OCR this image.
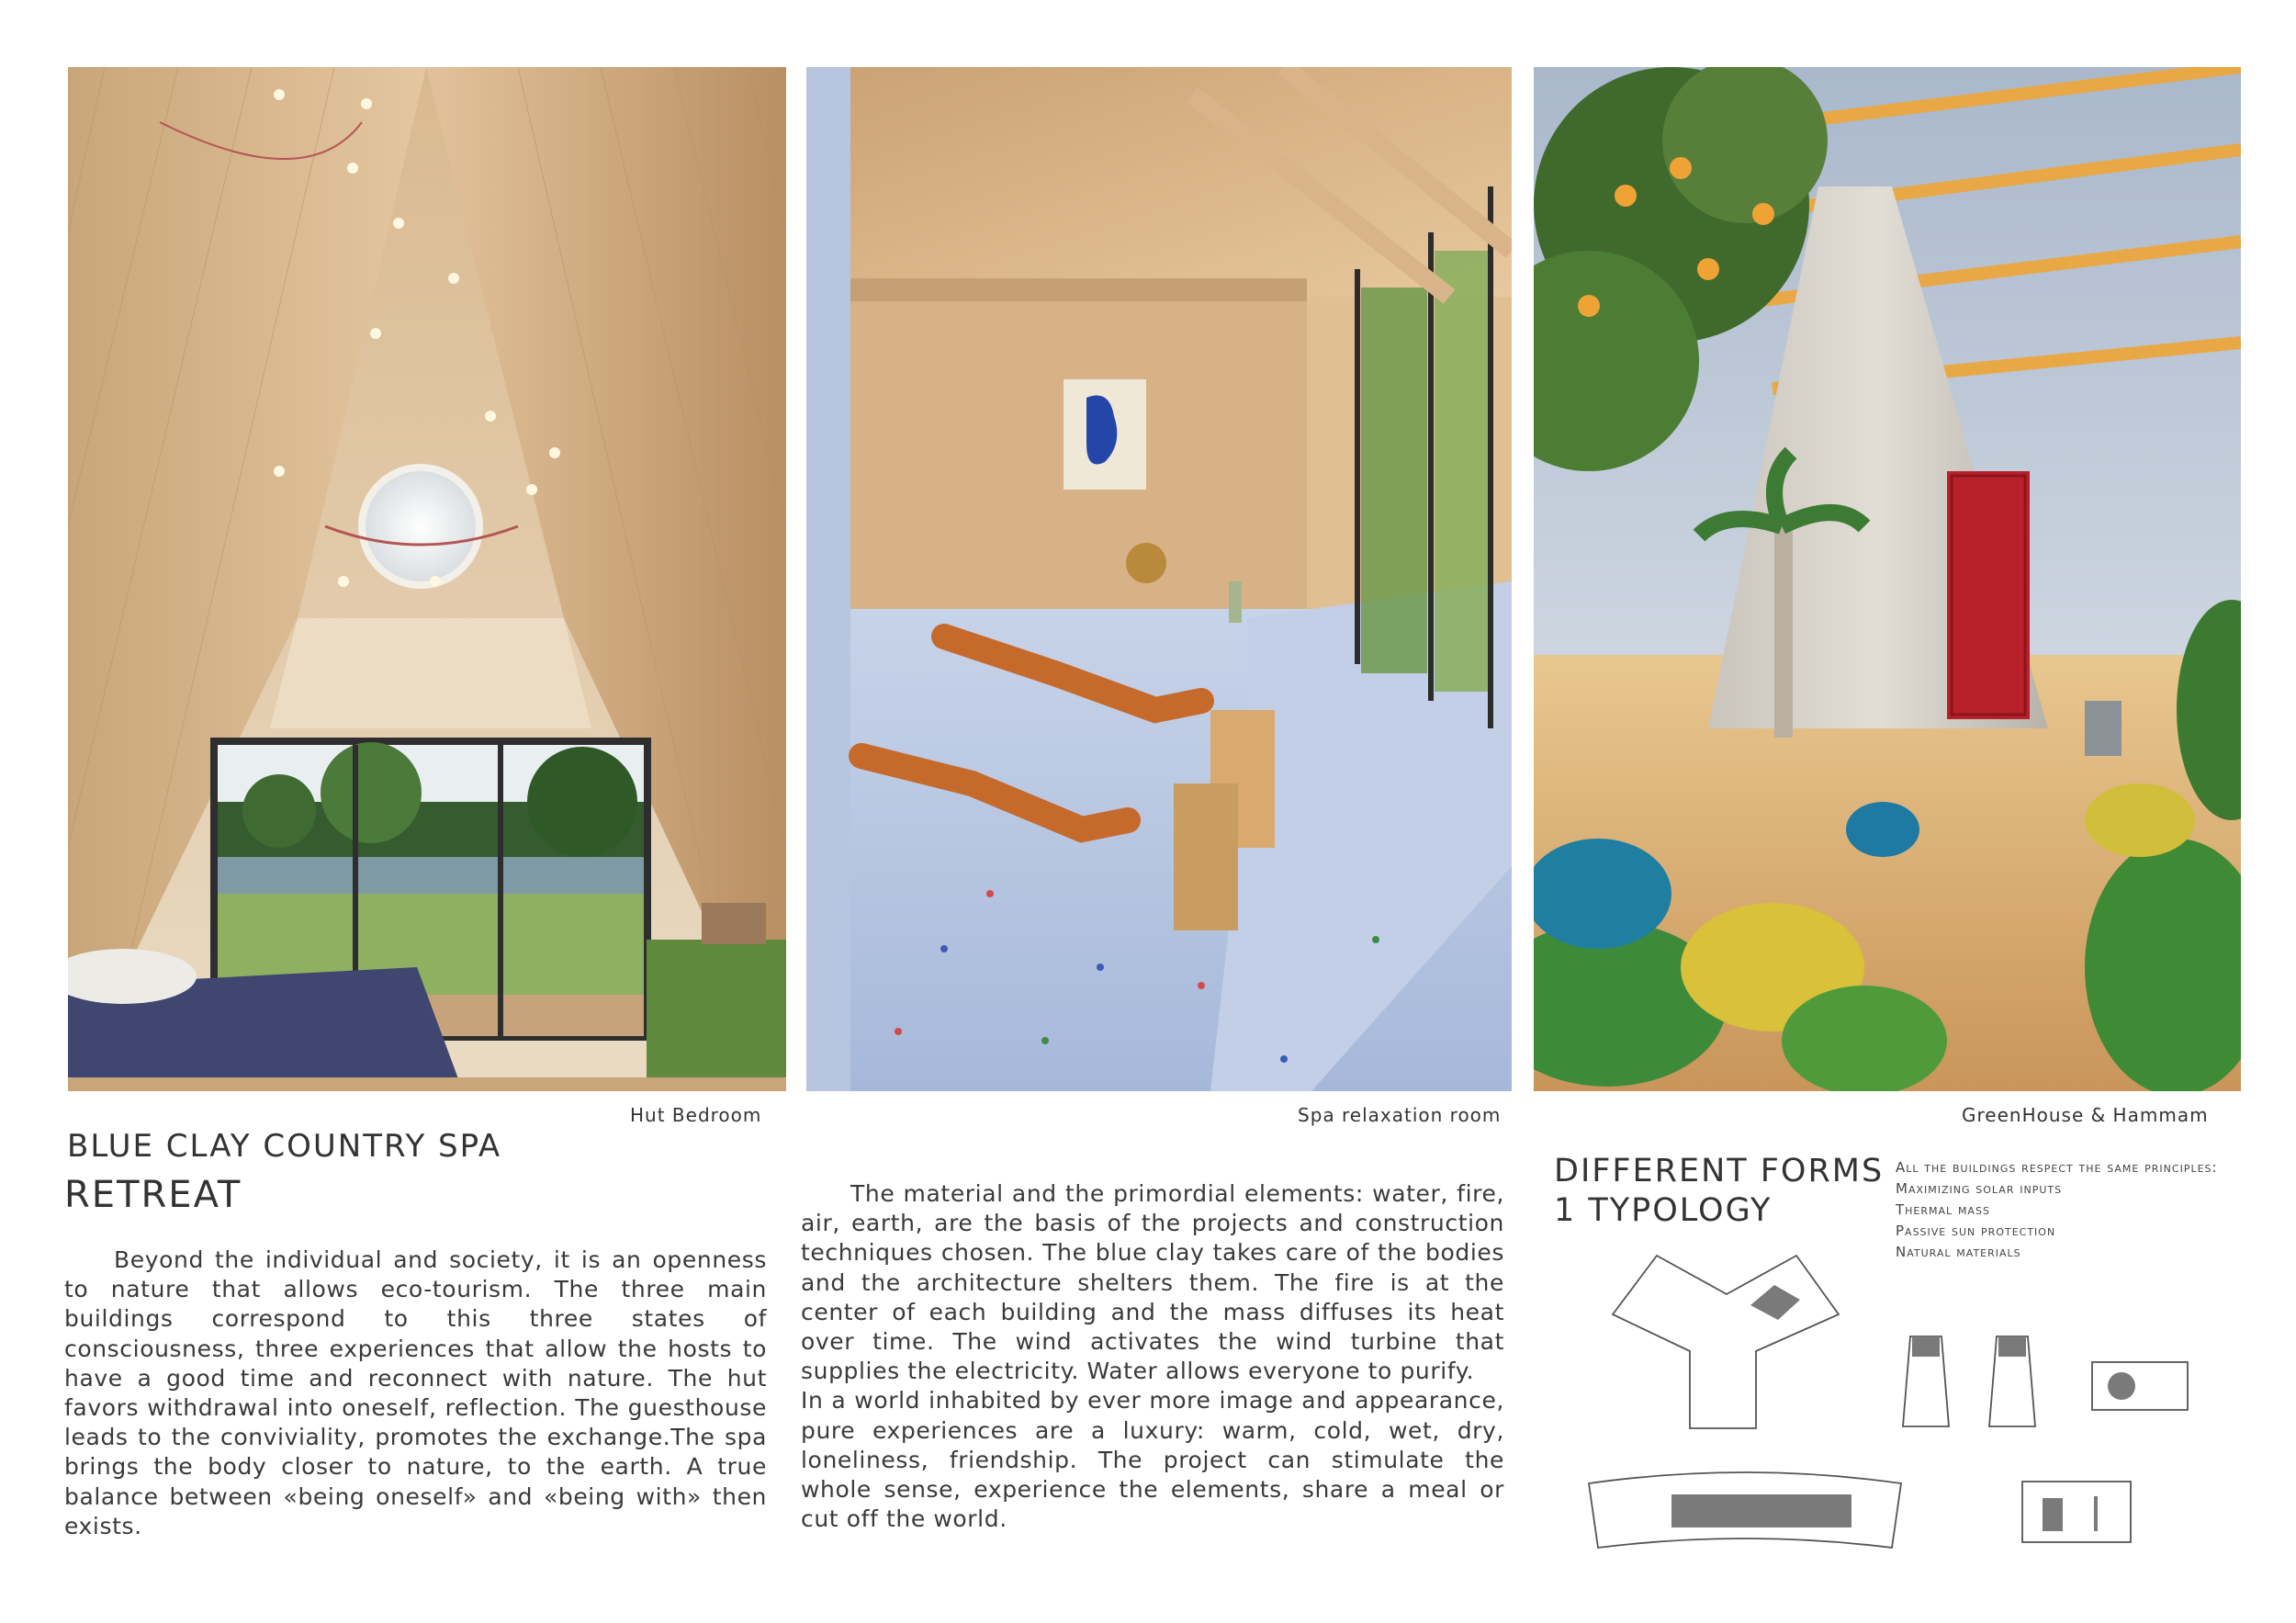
Hut Bedroom	Spa relaxation room	GreenHouse & Hammam
BLUE CLAY COUNTRY SPA
RETREAT
Beyond the individual and society, it is an openness to nature that allows eco-tourism. The three main buildings correspond to this three states of consciousness, three experiences that allow the hosts to have a good time and reconnect with nature. The hut favors withdrawal into oneself, reflection. The guesthouse leads to the conviviality, promotes the exchange.The spa brings the body closer to nature, to the earth. A true balance between «being oneself» and «being with» then exists.

The material and the primordial elements: water, fire, air, earth, are the basis of the projects and construction techniques chosen. The blue clay takes care of the bodies and the architecture shelters them. The fire is at the center of each building and the mass diffuses its heat over time. The wind activates the wind turbine that supplies the electricity. Water allows everyone to purify.

In a world inhabited by ever more image and appearance, pure experiences are a luxury: warm, cold, wet, dry, loneliness, friendship. The project can stimulate the whole sense, experience the elements, share a meal or cut off the world.

DIFFERENT FORMS
1 TYPOLOGY
All the buildings respect the same principles:
Maximizing solar inputs
Thermal mass
Passive sun protection
Natural materials
